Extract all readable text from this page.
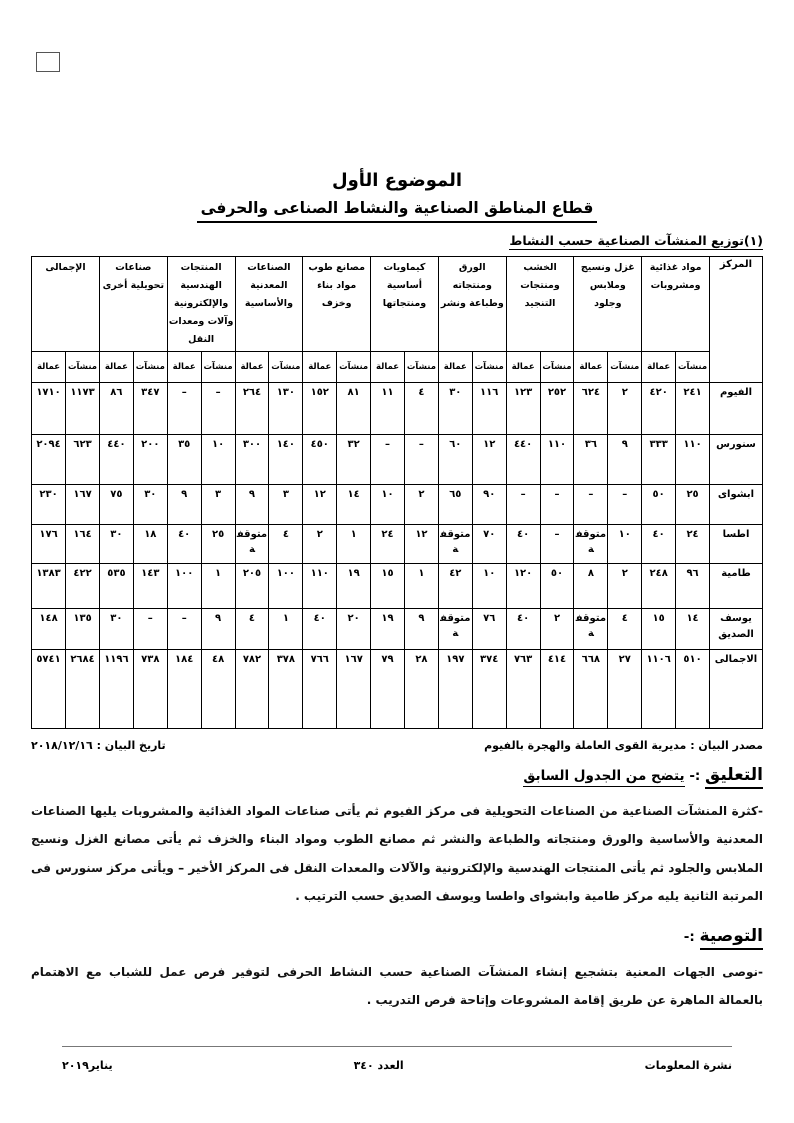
الموضوع الأول
قطاع المناطق الصناعية والنشاط الصناعى والحرفى
(١)توزيع المنشآت الصناعية حسب النشاط
المركز	مواد غذائية ومشروبات		غزل ونسيج وملابس وجلود		الخشب ومنتجات التنجيد		الورق ومنتجاته وطباعة ونشر		كيماويات أساسية ومنتجاتها		مصانع طوب مواد بناء وخزف		الصناعات المعدنية والأساسية		المنتجات الهندسية والإلكترونية وآلات ومعدات النقل		صناعات تحويلية أخرى		الإجمالى	
	منشآت	عمالة	منشآت	عمالة	منشآت	عمالة	منشآت	عمالة	منشآت	عمالة	منشآت	عمالة	منشآت	عمالة	منشآت	عمالة	منشآت	عمالة	منشآت	عمالة
الفيوم	٢٤١	٤٢٠	٢	٦٢٤	٢٥٢	١٢٣	١١٦	٣٠	٤	١١	٨١	١٥٢	١٣٠	٢٦٤	–	–	٣٤٧	٨٦	١١٧٣	١٧١٠
سنورس	١١٠	٣٣٣	٩	٣٦	١١٠	٤٤٠	١٢	٦٠	–	–	٣٢	٤٥٠	١٤٠	٣٠٠	١٠	٣٥	٢٠٠	٤٤٠	٦٢٣	٢٠٩٤
ابشواى	٢٥	٥٠	–	–	–	–	٩٠	٦٥	٢	١٠	١٤	١٢	٣	٩	٣	٩	٣٠	٧٥	١٦٧	٢٣٠
اطسا	٢٤	٤٠	١٠	متوقفة	–	٤٠	٧٠	متوقفة	١٢	٢٤	١	٢	٤	متوقفة	٢٥	٤٠	١٨	٣٠	١٦٤	١٧٦
طامية	٩٦	٢٤٨	٢	٨	٥٠	١٢٠	١٠	٤٢	١	١٥	١٩	١١٠	١٠٠	٢٠٥	١	١٠٠	١٤٣	٥٣٥	٤٢٢	١٣٨٣
يوسف الصديق	١٤	١٥	٤	متوقفة	٢	٤٠	٧٦	متوقفة	٩	١٩	٢٠	٤٠	١	٤	٩	–	–	٣٠	١٣٥	١٤٨
الاجمالى	٥١٠	١١٠٦	٢٧	٦٦٨	٤١٤	٧٦٣	٣٧٤	١٩٧	٢٨	٧٩	١٦٧	٧٦٦	٣٧٨	٧٨٢	٤٨	١٨٤	٧٣٨	١١٩٦	٢٦٨٤	٥٧٤١
مصدر البيان : مديرية القوى العاملة والهجرة بالفيوم
تاريخ البيان : ٢٠١٨/١٢/١٦
التعليق :- يتضح من الجدول السابق

-كثرة المنشآت الصناعية من الصناعات التحويلية فى مركز الفيوم ثم يأتى صناعات المواد الغذائية والمشروبات يليها الصناعات المعدنية والأساسية والورق ومنتجاته والطباعة والنشر ثم مصانع الطوب ومواد البناء والخزف ثم يأتى مصانع الغزل ونسيج الملابس والجلود ثم يأتى المنتجات الهندسية والإلكترونية والآلات والمعدات النقل فى المركز الأخير – ويأتى مركز سنورس فى المرتبة الثانية يليه مركز طامية وابشواى واطسا ويوسف الصديق حسب الترتيب .

التوصية :-

-نوصى الجهات المعنية بتشجيع إنشاء المنشآت الصناعية حسب النشاط الحرفى لتوفير فرص عمل للشباب مع الاهتمام بالعمالة الماهرة عن طريق إقامة المشروعات وإتاحة فرص التدريب .

نشرة المعلومات
العدد ٣٤٠
يناير٢٠١٩
